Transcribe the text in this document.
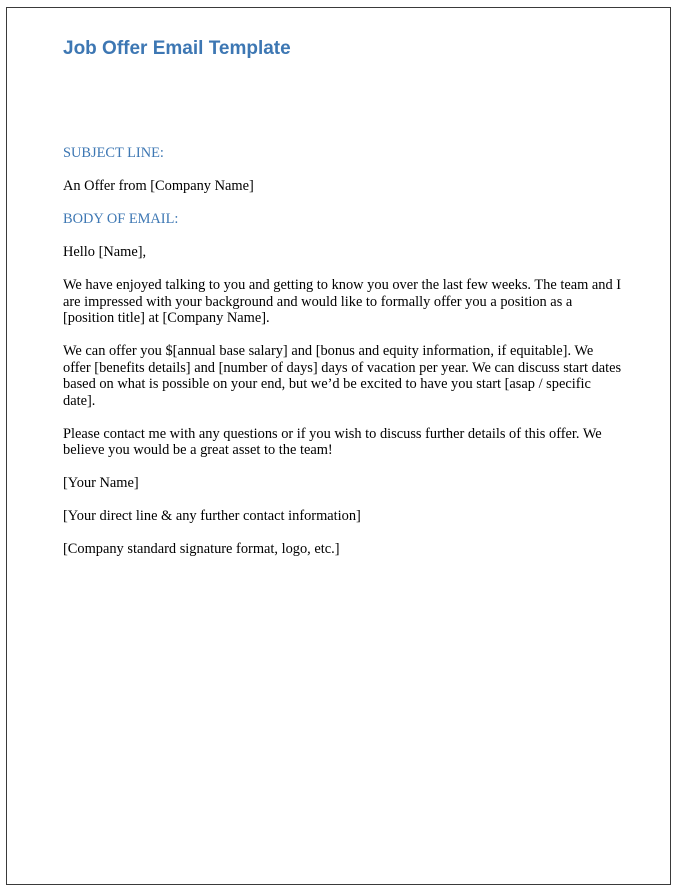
Job Offer Email Template

SUBJECT LINE:

An Offer from [Company Name]

BODY OF EMAIL:

Hello [Name],

We have enjoyed talking to you and getting to know you over the last few weeks. The team and I are impressed with your background and would like to formally offer you a position as a [position title] at [Company Name].

We can offer you $[annual base salary] and [bonus and equity information, if equitable]. We offer [benefits details] and [number of days] days of vacation per year. We can discuss start dates based on what is possible on your end, but we’d be excited to have you start [asap / specific date].

Please contact me with any questions or if you wish to discuss further details of this offer. We believe you would be a great asset to the team!

[Your Name]

[Your direct line & any further contact information]

[Company standard signature format, logo, etc.]
